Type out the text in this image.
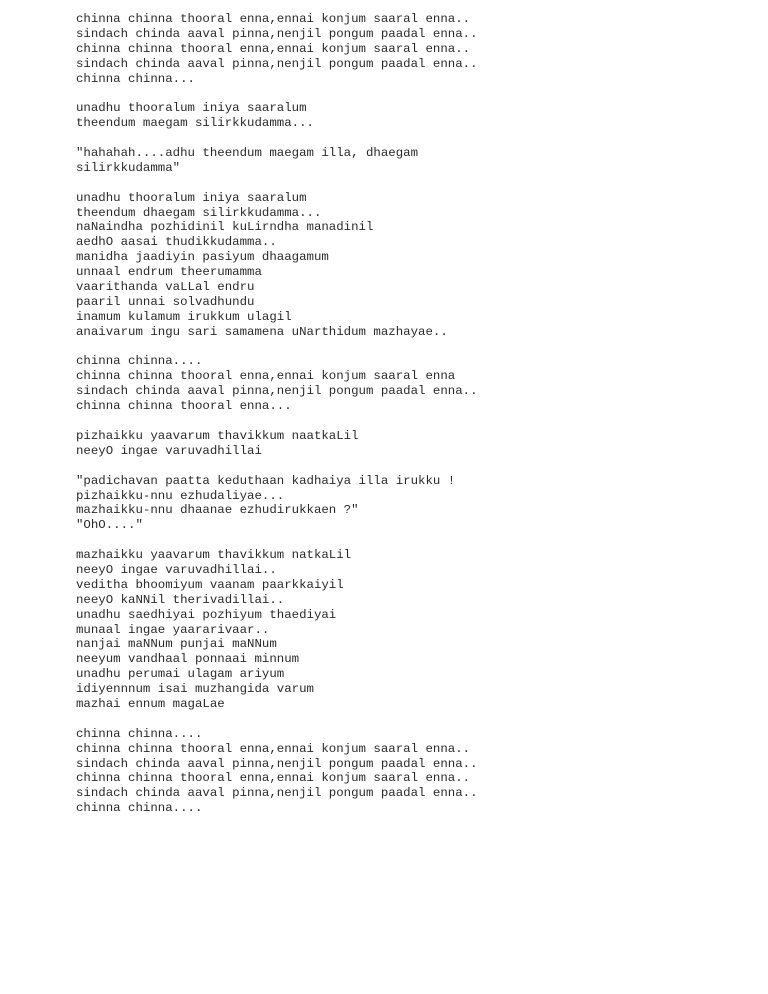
chinna chinna thooral enna,ennai konjum saaral enna..
sindach chinda aaval pinna,nenjil pongum paadal enna..
chinna chinna thooral enna,ennai konjum saaral enna..
sindach chinda aaval pinna,nenjil pongum paadal enna..
chinna chinna...
unadhu thooralum iniya saaralum
theendum maegam silirkkudamma...
"hahahah....adhu theendum maegam illa, dhaegam
silirkkudamma"
unadhu thooralum iniya saaralum
theendum dhaegam silirkkudamma...
naNaindha pozhidinil kuLirndha manadinil
aedhO aasai thudikkudamma..
manidha jaadiyin pasiyum dhaagamum
unnaal endrum theerumamma
vaarithanda vaLLal endru
paaril unnai solvadhundu
inamum kulamum irukkum ulagil
anaivarum ingu sari samamena uNarthidum mazhayae..
chinna chinna....
chinna chinna thooral enna,ennai konjum saaral enna
sindach chinda aaval pinna,nenjil pongum paadal enna..
chinna chinna thooral enna...
pizhaikku yaavarum thavikkum naatkaLil
neeyO ingae varuvadhillai
"padichavan paatta keduthaan kadhaiya illa irukku !
pizhaikku-nnu ezhudaliyae...
mazhaikku-nnu dhaanae ezhudirukkaen ?"
"OhO...."
mazhaikku yaavarum thavikkum natkaLil
neeyO ingae varuvadhillai..
veditha bhoomiyum vaanam paarkkaiyil
neeyO kaNNil therivadillai..
unadhu saedhiyai pozhiyum thaediyai
munaal ingae yaararivaar..
nanjai maNNum punjai maNNum
neeyum vandhaal ponnaai minnum
unadhu perumai ulagam ariyum
idiyennnum isai muzhangida varum
mazhai ennum magaLae
chinna chinna....
chinna chinna thooral enna,ennai konjum saaral enna..
sindach chinda aaval pinna,nenjil pongum paadal enna..
chinna chinna thooral enna,ennai konjum saaral enna..
sindach chinda aaval pinna,nenjil pongum paadal enna..
chinna chinna....
